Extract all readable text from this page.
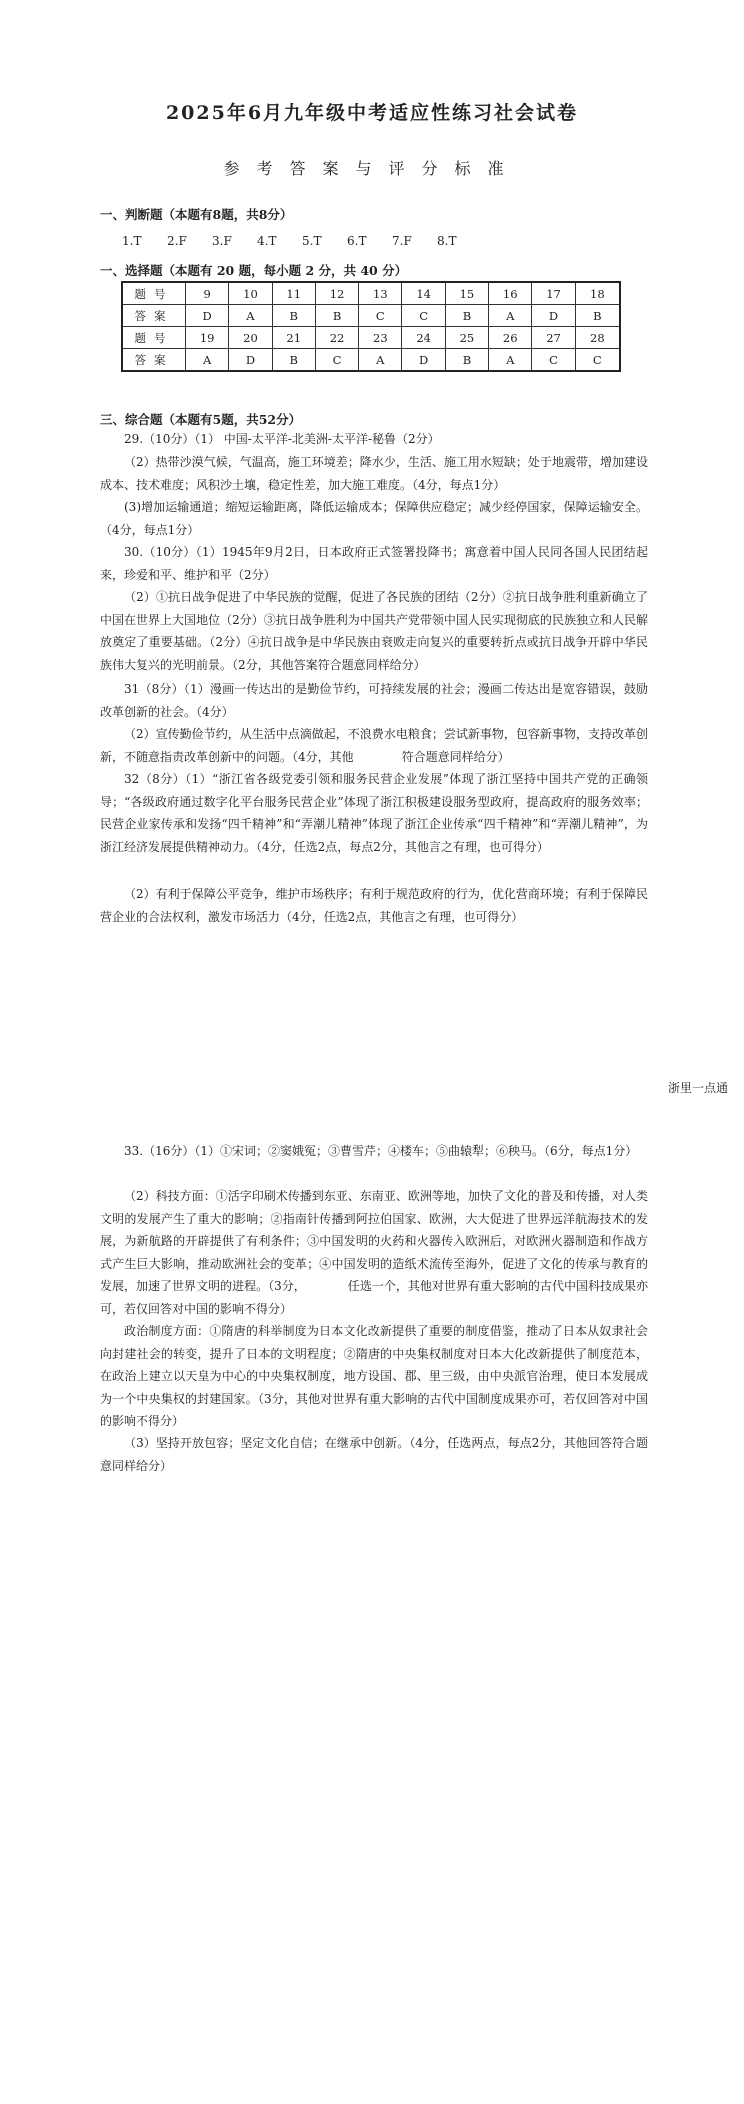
2025年6月九年级中考适应性练习社会试卷
参考答案与评分标准
一、判断题（本题有8题，共8分）
1.T 2.F 3.F 4.T 5.T 6.T 7.F 8.T
一、选择题（本题有 20 题，每小题 2 分，共 40 分）
题号	9	10	11	12	13	14	15	16	17	18
答案	D	A	B	B	C	C	B	A	D	B
题号	19	20	21	22	23	24	25	26	27	28
答案	A	D	B	C	A	D	B	A	C	C
三、综合题（本题有5题，共52分）
29.（10分）（1） 中国-太平洋-北美洲-太平洋-秘鲁（2分）
（2）热带沙漠气候，气温高，施工环境差；降水少，生活、施工用水短缺；处于地震带，增加建设成本、技术难度；风积沙土壤，稳定性差，加大施工难度。（4分，每点1分）
(3)增加运输通道；缩短运输距离，降低运输成本；保障供应稳定；减少经停国家，保障运输安全。（4分，每点1分）
30.（10分）（1）1945年9月2日，日本政府正式签署投降书；寓意着中国人民同各国人民团结起来，珍爱和平、维护和平（2分）
（2）①抗日战争促进了中华民族的觉醒，促进了各民族的团结（2分）②抗日战争胜利重新确立了中国在世界上大国地位（2分）③抗日战争胜利为中国共产党带领中国人民实现彻底的民族独立和人民解放奠定了重要基础。（2分）④抗日战争是中华民族由衰败走向复兴的重要转折点或抗日战争开辟中华民族伟大复兴的光明前景。（2分，其他答案符合题意同样给分）
31（8分）（1）漫画一传达出的是勤俭节约，可持续发展的社会；漫画二传达出是宽容错误，鼓励改革创新的社会。（4分）
（2）宣传勤俭节约，从生活中点滴做起，不浪费水电粮食；尝试新事物，包容新事物，支持改革创新，不随意指责改革创新中的问题。（4分，其他　　　　符合题意同样给分）
32（8分）（1）“浙江省各级党委引领和服务民营企业发展”体现了浙江坚持中国共产党的正确领导；“各级政府通过数字化平台服务民营企业”体现了浙江积极建设服务型政府，提高政府的服务效率；民营企业家传承和发扬“四千精神”和“弄潮儿精神”体现了浙江企业传承“四千精神”和“弄潮儿精神”，为浙江经济发展提供精神动力。（4分，任选2点，每点2分，其他言之有理，也可得分）
（2）有利于保障公平竞争，维护市场秩序；有利于规范政府的行为，优化营商环境；有利于保障民营企业的合法权利，激发市场活力（4分，任选2点，其他言之有理，也可得分）
浙里一点通
33.（16分）（1）①宋词；②窦娥冤；③曹雪芹；④楼车；⑤曲辕犁；⑥秧马。（6分，每点1分）
（2）科技方面：①活字印刷术传播到东亚、东南亚、欧洲等地，加快了文化的普及和传播，对人类文明的发展产生了重大的影响；②指南针传播到阿拉伯国家、欧洲，大大促进了世界远洋航海技术的发展，为新航路的开辟提供了有利条件；③中国发明的火药和火器传入欧洲后，对欧洲火器制造和作战方式产生巨大影响，推动欧洲社会的变革；④中国发明的造纸术流传至海外，促进了文化的传承与教育的发展，加速了世界文明的进程。（3分，　　　　任选一个，其他对世界有重大影响的古代中国科技成果亦可，若仅回答对中国的影响不得分）
政治制度方面：①隋唐的科举制度为日本文化改新提供了重要的制度借鉴，推动了日本从奴隶社会向封建社会的转变，提升了日本的文明程度；②隋唐的中央集权制度对日本大化改新提供了制度范本，在政治上建立以天皇为中心的中央集权制度，地方设国、郡、里三级，由中央派官治理，使日本发展成为一个中央集权的封建国家。（3分，其他对世界有重大影响的古代中国制度成果亦可，若仅回答对中国的影响不得分）
（3）坚持开放包容；坚定文化自信；在继承中创新。（4分，任选两点，每点2分，其他回答符合题意同样给分）
